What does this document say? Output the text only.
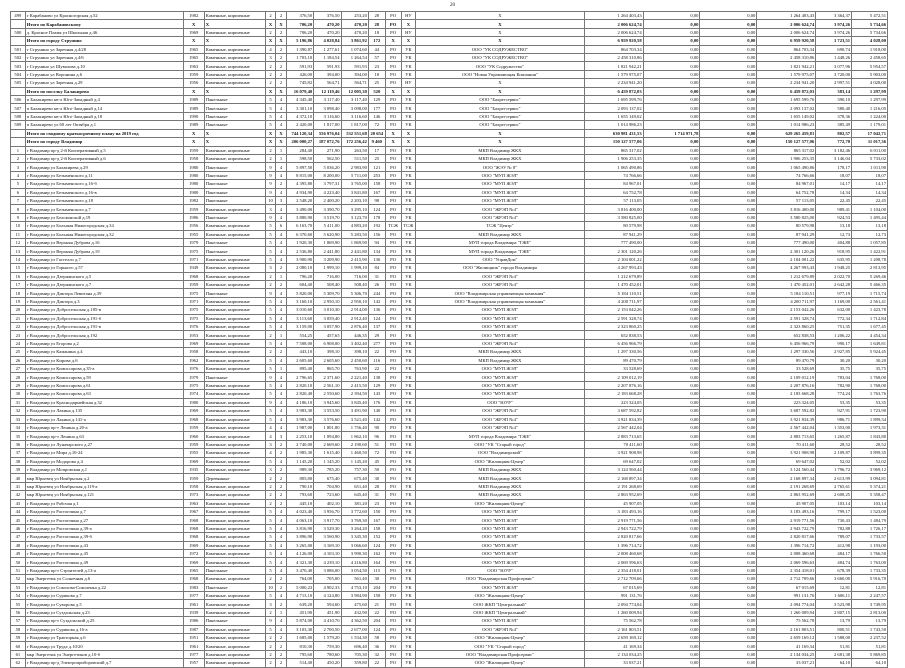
20
499	г Карабаново ул Красногорская д.52	1982	Каменные, кирпичные	2	2	376,50	376,50	253,20	28	РО	НУ	Х	1 264 403,43	0,00	0,00	1 264 403,43	3 364,37	5 472,51
	Итого по Карабановскому	Х	Х	Х	Х	706,20	470,20	470,20	28	РО	Х	Х	2 006 624,74	0,00	0,00	2 006 624,74	3 974,26	5 734,66
500	д. Красное Пламя ул Школьная д.46	1969	Каменные, кирпичные	2	2	706,20	470,20	470,20	18	РО	НУ	Х	2 006 624,74	0,00	0,00	2 006 624,74	3 974,26	5 734,66
	Итого по городу Струнино	Х	Х	Х	Х	5 196,86	4 028,84	3 861,92	172	Х	Х	Х	6 959 920,58	0,00	0,00	6 959 920,58	1 723,51	4 028,00
501	г Струнино ул Заречная д.4/28	1965	Каменные, кирпичные	4	2	1 390,87	1 277,61	1 074,60	44	РО	УК	ООО "УК СОДРУЖЕСТВО"	864 703,34	0,00	0,00	864 703,34	690,74	1 918,00
502	г Струнино ул Заречная д.4/6	1965	Каменные, кирпичные	3	2	1 703,10	1 184,54	1 264,54	57	РО	УК	ООО "УК СОДРУЖЕСТВО"	2 458 310,86	0,00	0,00	2 458 310,86	1 448,26	2 458,65
503	г Струнино ул Шувалова д.10	1963	Каменные, кирпичные	2	2	591,93	591,93	591,93	23	РО	УК	ООО "УК Содружество"	1 821 942,21	0,00	0,00	1 821 942,21	3 077,96	5 954,57
504	г Струнино ул Воронина д.6	1959	Каменные, кирпичные	2	2	426,00	394,00	394,00	18	РО	УК	ООО "Новая Управляющая Компания"	1 579 975,07	0,00	0,00	1 579 975,07	3 720,00	5 903,00
505	г Струнино ул Заречная д.29	1956	Каменные, кирпичные	2	2	745,82	564,71	564,71	25	РО	НУ	Х	2 234 941,20	0,00	0,00	2 234 941,20	2 997,51	4 028,00
	Итого по поселку Балакирево	Х	Х	Х	Х	16 079,40	12 119,46	12 005,30	520	Х	Х	Х	6 459 872,03	0,00	0,00	6 459 872,03	383,14	1 297,99
506	п Балакирево кв-л Юго-Западный д.4	1989	Панельные	5	4	4 345,40	3 117,40	3 117,40	129	РО	УК	ООО "Балрегсервис"	1 695 599,76	0,00	0,00	1 695 599,76	390,10	1 297,99
507	п Балакирево кв-л Юго-Западный д.14	1989	Панельные	5	4	3 301,10	3 098,40	3 098,00	177	РО	УК	ООО "Балрегсервис"	2 093 137,02	0,00	0,00	2 093 137,02	580,40	1 216,05
508	п Балакирево кв-л Юго-Западный д.18	1990	Панельные	5	4	4 372,10	3 116,60	3 116,60	146	РО	УК	ООО "Балрегсервис"	1 655 149,02	0,00	0,00	1 655 149,02	378,36	1 224,00
509	п Балакирево ул 60 лет Октября д.1	1989	Панельные	5	4	2 420,00	1 817,00	1 817,00	72	РО	УК	ООО "Балрегсервис"	1 014 986,23	0,00	0,00	1 014 986,23	385,49	1 179,01
	Итого по сводному краткосрочному плану на 2019 год	Х	Х	Х	Х	744 120,34	556 976,04	532 551,68	20 654	Х	Х	Х	630 981 431,53	1 714 971,78	0,00	629 265 459,81	802,57	17 042,71
	Итого по городу Владимир	Х	Х	Х	Х	206 000,27	187 072,76	172 256,42	9 460	Х	Х	Х	150 127 577,06	0,00	0,00	150 127 577,06	772,70	11 017,36
1	г Владимир пр-д 2-й Кооперативный д.5	1959	Каменные, кирпичные	2	1	284,40	271,90	263,50	17	РО	УК	МКП Владимир ЖКХ	865 317,02	0,00	0,00	865 317,02	3 182,46	6 011,00
2	г Владимир пр-д 2-й Кооперативный д.6	1958	Каменные, кирпичные	2	1	598,50	562,50	511,50	25	РО	УК	МКП Владимир ЖКХ	1 906 253,35	0,00	0,00	1 906 253,35	3 146,04	5 733,02
3	г Владимир ул Балакирева д.29	1980	Панельные	9	4	5 897,50	5 036,20	2 983,90	121	РО	УК	ООО "ЖЭУ № 8"	1 065 490,86	0,00	0,00	1 065 490,86	178,17	1 011,90
4	г Владимир ул Безыменского д.11	1980	Панельные	9	4	8 815,00	8 200,00	5 711,00	253	РО	УК	ООО "МУП ЖЭЛ"	74 766,66	0,00	0,00	74 766,66	18,07	18,07
5	г Владимир ул Безыменского д.16-б	1980	Панельные	9	2	4 395,80	3 797,31	3 765,00	158	РО	УК	ООО "МУП ЖЭЛ"	84 967,01	0,00	0,00	84 967,01	14,17	14,17
6	г Владимир ул Безыменского д.16-в	1980	Панельные	9	4	4 934,90	4 223,40	3 841,80	167	РО	УК	ООО "МУП ЖЭЛ"	64 752,78	0,00	0,00	64 752,78	14,34	14,34
7	г Владимир ул Безыменского д.18	1982	Панельные	10	3	2 548,20	2 400,20	2 203,10	98	РО	УК	ООО "МУП ЖЭЛ"	57 113,05	0,00	0,00	57 113,05	22,45	22,45
8	г Владимир ул Безыменского д.7	1959	Каменные, кирпичные	3	4	3 490,00	3 390,70	3 295,10	124	РО	УК	ООО "ЖРЭП №4"	3 816 400,00	0,00	0,00	3 816 400,00	989,41	1 104,00
9	г Владимир ул Белоконской д.19	1986	Панельные	9	4	3 880,90	3 519,70	3 123,70	178	РО	УК	ООО "ЖРЭП №4"	3 580 825,00	0,00	0,00	3 580 825,00	924,53	1 495,44
10	г Владимир ул Большая Нижегородская д.34	1956	Каменные, кирпичные	5	6	6 163,70	5 411,00	4 883,20	192	ТСЖ	ТСЖ	ТСЖ "Центр"	80 579,98	0,00	0,00	80 579,98	13,18	13,18
11	г Владимир ул Большая Нижегородская д.32	1955	Каменные, кирпичные	5	4	6 370,60	5 620,90	5 283,50	156	РО	УК	МКП Владимир ЖКХ	87 941,29	0,00	0,00	87 941,29	12,73	12,73
12	г Владимир ул Верхняя Дуброва д.16	1979	Панельные	5	4	1 920,30	1 869,90	1 869,90	94	РО	УК	МУП города Владимира "ГЖЕ"	777 490,00	0,00	0,00	777 490,00	404,88	1 057,85
13	г Владимир ул Верхняя Дуброва д.19	1975	Панельные	5	4	2 536,80	2 441,80	2 441,80	134	РО	УК	МУП города Владимира "ГЖЕ"	2 301 120,26	0,00	0,00	2 301 120,26	918,95	1 422,91
14	г Владимир ул Гастелло д.7	1971	Каменные, кирпичные	5	4	3 900,90	3 209,90	2 415,90	136	РО	УК	ООО "УправДом"	2 104 001,22	0,00	0,00	2 104 001,22	635,95	1 208,78
15	г Владимир ул Горького д.57	1949	Каменные, кирпичные	3	2	2 080,10	1 999,10	1 999,10	84	РО	УК	ООО "Жилищник" города Владимира	4 267 993,43	0,00	0,00	4 267 993,43	1 948,25	2 813,95
16	г Владимир ул Дзержинского д.5	1968	Каменные, кирпичные	2	1	796,20	716,00	716,00	31	РО	УК	ООО "ЖРЭП №4"	1 212 679,89	0,00	0,00	1 212 679,89	2 022,70	5 269,46
17	г Владимир ул Дзержинского д.7	1959	Каменные, кирпичные	2	2	604,40	508,40	508,40	26	РО	УК	ООО "ЖРЭП №4"	1 470 452,01	0,00	0,00	1 470 452,01	2 642,28	5 466,35
18	г Владимир ул Диктора Левитана д.39	1975	Панельные	9	4	5 820,00	5 309,70	5 306,70	244	РО	УК	ООО "Владимирская управляющая компания"	5 184 110,51	0,00	0,00	5 184 110,51	977,19	1 715,74
19	г Владимир ул Диктора д.3	1971	Каменные, кирпичные	5	4	3 160,10	2 950,10	2 950,10	142	РО	УК	ООО "Владимирская управляющая компания"	4 200 711,97	0,00	0,00	4 200 711,97	1 169,00	2 561,41
20	г Владимир ул Добросельская д.185-в	1975	Каменные, кирпичные	5	4	3 010,60	3 010,30	2 914,00	136	РО	УК	ООО "МУП ЖЭЛ"	2 153 042,26	0,00	0,00	2 153 042,26	632,00	1 423,78
21	г Владимир ул Добросельская д.191-б	1975	Каменные, кирпичные	5	4	3 113,60	3 059,40	2 912,40	124	РО	УК	ООО "МУП ЖЭЛ"	2 591 328,74	0,00	0,00	2 591 328,74	772,34	1 712,84
22	г Владимир ул Добросельская д.191-в	1976	Каменные, кирпичные	5	4	3 159,00	3 057,90	2 876,40	137	РО	УК	ООО "МУП ЖЭЛ"	2 323 860,25	0,00	0,00	2 323 860,25	751,35	1 677,45
23	г Владимир ул Добросельская д.192	1953	Каменные, кирпичные	2	1	554,25	457,65	446,35	29	РО	УК	ООО "МУП ЖЭЛ"	652 838,53	0,00	0,00	652 838,53	1 206,22	4 454,34
24	г Владимир ул Егорова д.2	1969	Каменные, кирпичные	5	4	7 508,00	6 908,00	3 402,40	277	РО	УК	ООО "ЖРЭП №4"	6 456 966,79	0,00	0,00	6 456 966,79	990,17	1 649,81
25	г Владимир ул Каманина д.4	1958	Каменные, кирпичные	2	2	443,10	398,10	398,10	22	РО	УК	МКП Владимир ЖКХ	1 297 330,56	0,00	0,00	1 297 330,56	2 927,85	5 924,45
26	г Владимир ул Кирова д.6	1962	Каменные, кирпичные	5	4	2 605,60	2 605,60	2 450,60	116	РО	УК	МКП Владимир ЖКХ	89 470,79	0,00	0,00	89 470,79	30,20	30,20
27	г Владимир ул Комиссарова д.35-а	1976	Каменные, кирпичные	5	1	895,40	865,70	763,90	22	РО	УК	ООО "МУП ЖЭЛ"	33 528,69	0,00	0,00	33 528,69	35,75	35,75
28	г Владимир ул Комиссарова д.59	1979	Панельные	9	4	2 796,65	2 371,60	2 221,40	138	РО	УК	ООО "МУП ЖЭЛ"	2 109 012,19	0,00	0,00	2 109 012,19	783,04	1 768,00
29	г Владимир ул Комиссарова д.61	1975	Каменные, кирпичные	5	4	2 820,10	2 561,10	2 415,50	129	РО	УК	ООО "МУП ЖЭЛ"	2 207 876,16	0,00	0,00	2 207 876,16	782,90	1 768,00
30	г Владимир ул Комиссарова д.63	1974	Каменные, кирпичные	5	4	2 820,40	2 550,60	2 394,50	143	РО	УК	ООО "МУП ЖЭЛ"	2 183 668,28	0,00	0,00	2 183 668,28	774,24	1 763,76
31	г Владимир ул Краснодармейская д.32	1980	Каменные, кирпичные	9	4	4 186,10	3 945,60	3 845,40	176	РО	УК	ООО "ЮУР"	223 324,05	0,00	0,00	223 324,05	53,35	53,35
32	г Владимир ул Лакина д.135	1969	Каменные, кирпичные	5	4	3 983,30	3 553,50	3 491,90	140	РО	УК	ООО "ЖРЭП №4"	3 687 592,82	0,00	0,00	3 687 592,82	927,91	1 723,90
33	г Владимир ул Лакина д.141-а	1968	Каменные, кирпичные	5	4	3 983,30	3 576,60	3 521,40	142	РО	УК	ООО "ЖРЭП №4"	3 921 834,39	0,00	0,00	3 921 834,39	986,71	1 899,34
34	г Владимир пр-т Ленина д.20-а	1959	Каменные, кирпичные	4	4	1 987,00	1 801,80	1 756,40	90	РО	УК	ООО "ЖРЭП №4"	2 567 442,04	0,00	0,00	2 567 442,04	1 353,00	1 973,31
35	г Владимир пр-т Ленина д.63	1960	Каменные, кирпичные	4	3	2 253,10	1 894,80	1 862,10	96	РО	УК	МУП города Владимира "ГЖЕ"	2 883 713,65	0,00	0,00	2 883 713,65	1 265,87	1 843,80
36	г Владимир ул Луначарского д.27	1959	Каменные, кирпичные	3	2	2 740,00	2 669,60	2 190,60	51	РО	УК	ООО "УК "Старый город"	70 411,60	0,00	0,00	70 411,60	28,52	28,52
37	г Владимир ул Мира д.10-24	1955	Каменные, кирпичные	4	2	1 985,30	1 615,40	1 460,50	72	РО	УК	ООО "Владимирский"	3 921 908,98	0,00	0,00	3 921 908,98	2 109,87	3 899,35
38	г Владимир ул Модорова д.4	1969	Каменные, кирпичные	5	4	1 145,20	1 145,20	1 145,20	45	РО	УК	ООО "Жилищник-Центр"	69 647,02	0,00	0,00	69 647,02	52,02	52,02
39	г Владимир ул Мопровская д.1	1935	Каменные, кирпичные	3	2	989,30	785,20	757,30	50	РО	УК	МКП Владимир ЖКХ	3 124 560,44	0,00	0,00	3 124 560,44	1 796,72	3 969,12
40	мкр Юрьевец ул Ноябрьская д.2	1959	Деревянные	2	2	805,80	675,40	675,40	30	РО	УК	МКП Владимир ЖКХ	2 168 897,34	0,00	0,00	2 168 897,34	2 613,99	3 094,81
41	мкр Юрьевец ул Ноябрьская д.119-а	1958	Каменные, кирпичные	2	2	790,10	704,90	651,40	28	РО	УК	МКП Владимир ЖКХ	2 191 268,69	0,00	0,00	2 191 268,69	2 765,61	5 374,21
42	мкр Юрьевец ул Ноябрьская д.121	1973	Каменные, кирпичные	2	2	793,60	723,60	645,40	31	РО	УК	МКП Владимир ЖКХ	2 863 952,69	0,00	0,00	2 863 952,69	2 608,25	5 358,47
43	г Владимир ул Рабочая д.1	1963	Каменные, кирпичные	2	2	445,10	402,10	381,20	23	РО	УК	ООО "Жилищник-Центр"	45 907,05	0,00	0,00	45 907,05	103,14	103,14
44	г Владимир ул Растопчина д.7	1967	Каменные, кирпичные	5	4	4 023,40	3 956,70	3 772,60	150	РО	УК	ООО "МУП ЖЭЛ"	3 183 493,16	0,00	0,00	3 183 493,16	799,17	1 523,00
45	г Владимир ул Растопчина д.27	1968	Каменные, кирпичные	5	4	4 063,10	3 917,70	3 769,30	167	РО	УК	ООО "МУП ЖЭЛ"	2 919 771,56	0,00	0,00	2 919 771,56	730,43	1 484,79
46	г Владимир ул Растопчина д.39-а	1968	Каменные, кирпичные	5	4	3 816,90	3 529,30	3 264,20	158	РО	УК	ООО "МУП ЖЭЛ"	2 943 722,79	0,00	0,00	2 943 722,79	782,88	1 726,17
47	г Владимир ул Растопчина д.39-б	1968	Каменные, кирпичные	5	4	3 896,90	3 560,90	3 345,30	152	РО	УК	ООО "МУП ЖЭЛ"	2 820 817,66	0,00	0,00	2 820 817,66	789,07	1 733,57
48	г Владимир ул Растопчина д.43	1969	Каменные, кирпичные	5	4	3 265,00	3 169,10	3 066,60	124	РО	УК	ООО "МУП ЖЭЛ"	1 396 714,72	0,00	0,00	1 396 714,72	412,98	1 193,00
49	г Владимир ул Растопчина д.45	1972	Каменные, кирпичные	5	4	4 126,00	4 103,10	3 990,30	162	РО	УК	ООО "МУП ЖЭЛ"	2 008 460,68	0,00	0,00	2 008 460,68	484,17	1 766,50
50	г Владимир ул Растопчина д.49	1969	Каменные, кирпичные	5	4	4 321,30	4 239,10	4 216,80	164	РО	УК	ООО "МУП ЖЭЛ"	2 069 596,63	0,00	0,00	2 069 596,63	484,74	1 763,00
51	г Владимир пр-т Строителей д.13-а	1965	Панельные	5	4	3 470,40	3 086,00	3 054,50	115	РО	УК	ООО "ЮУР"	2 354 418,01	0,00	0,00	2 354 418,01	678,39	1 733,35
52	мкр Энергетик ул Солнечная д.6	1968	Каменные, кирпичные	2	2	764,00	705,00	561,40	30	РО	УК	ООО "Владимирская Профсервис"	2 712 709,66	0,00	0,00	2 712 709,66	3 660,00	5 916,70
53	г Владимир ул Соколова-Соколенка д.22	1983	Панельные	10	2	5 000,23	4 902,33	4 753,10	204	РО	УК	ООО "МУП ЖЭЛ"	67 015,69	0,00	0,00	67 015,69	12,81	12,81
54	г Владимир ул Сурикова д.7	1977	Каменные, кирпичные	5	4	4 713,10	4 124,80	3 984,90	158	РО	УК	ООО "Жилищник-Центр"	991 131,76	0,00	0,00	991 131,76	1 606,11	2 247,57
55	г Владимир ул Суворова д.5	1961	Каменные, кирпичные	3	2	639,20	594,60	475,60	21	РО	УК	ООО ЖКП "Центральный"	2 094 774,04	0,00	0,00	2 094 774,04	3 523,98	3 749,95
56	г Владимир ул Суздальская д.23	1939	Каменные, кирпичные	2	1	451,90	451,90	432,90	22	РО	УК	ООО ЖКП "Центральный"	1 260 009,94	0,00	0,00	1 260 009,94	2 807,15	2 813,00
57	г Владимир пр-т Суздальский д.25	1986	Панельные	9	4	5 874,00	4 410,70	4 362,50	204	РО	УК	ООО "МУП ЖЭЛ"	75 562,78	0,00	0,00	75 562,78	13,79	13,79
58	г Владимир ул Сурикова д.16-а	1987	Каменные, кирпичные	5	4	3 103,30	2 700,50	2 677,00	124	РО	УК	ООО "ЖРЭП №4"	2 161 803,51	0,00	0,00	2 161 803,51	800,51	1 743,50
59	г Владимир ул Тракторная д.6	1951	Каменные, кирпичные	2	2	1 685,00	1 579,20	1 534,30	58	РО	УК	ООО "Жилищник-Центр"	2 659 169,12	0,00	0,00	2 659 169,12	1 588,00	2 237,52
60	г Владимир ул Труда д.10/20	1961	Каменные, кирпичные	2	2	810,30	759,30	696,40	36	РО	УК	ООО "УК "Старый город"	41 169,34	0,00	0,00	41 169,34	51,81	51,81
61	мкр Энергетик ул Энергетиков д.10-б	1977	Каменные, кирпичные	2	2	795,60	780,60	705,30	32	РО	УК	ООО "Владимирская Профсервис"	2 134 034,25	0,00	0,00	2 134 034,25	2 681,38	5 869,85
62	г Владимир пр-д Электроприборовский д.7	1957	Каменные, кирпичные	2	2	514,40	450,20	359,80	22	РО	УК	ООО "Жилищник-Центр"	33 037,21	0,00	0,00	33 037,21	64,10	64,10
